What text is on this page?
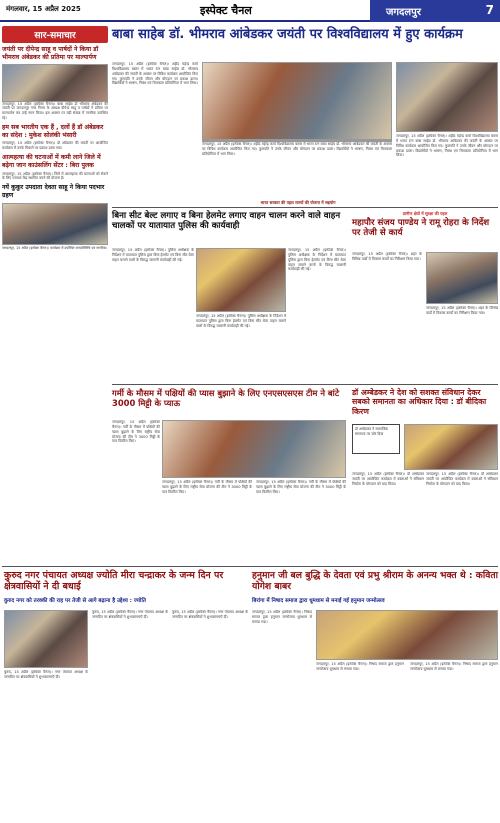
मंगलवार, 15 अप्रैल 2025	इस्पेक्ट चैनल	जगदलपुर	7
सार-समाचार
जयंती पर दीपेन्द्र साहू व पार्षदों ने किया डॉ भीमराव अंबेडकर की प्रतिमा पर माल्यार्पण
जगदलपुर, 15 अप्रैल (इस्पेक्ट चैनल)। बाबा साहेब डॉ भीमराव अंबेडकर की जयंती पर जगदलपुर नगर निगम के अध्यक्ष दीपेन्द्र साहू व पार्षदों ने प्रतिमा पर माल्यार्पण कर उन्हें नमन किया। इस अवसर पर बड़ी संख्या में नागरिक उपस्थित रहे।
हम सब भारतीय एक हैं , दलों हैं डॉ अंबेडकर का संदेश : मुकेश सोलंकी भंसारी
जगदलपुर, 15 अप्रैल (इस्पेक्ट चैनल)। डॉ अंबेडकर की जयंती पर आयोजित कार्यक्रम में उनके विचारों पर प्रकाश डाला गया।
आत्महत्या की घटनाओं में कमी लाने जिले में बढ़ेगा जान काउंसलिंग सेंटर : बिरा पुलक
जगदलपुर, 15 अप्रैल (इस्पेक्ट चैनल)। जिले में आत्महत्या की घटनाओं को रोकने के लिए परामर्श केंद्र स्थापित करने की योजना है।
नयें कुकुर उपदाता देवता साहू ने किया पदभार ग्रहण
जगदलपुर, 15 अप्रैल (इस्पेक्ट चैनल)। कार्यक्रम में उपस्थित जनप्रतिनिधि एवं नागरिक।
बाबा साहेब डॉ. भीमराव आंबेडकर जयंती पर विश्वविद्यालय में हुए कार्यक्रम
जगदलपुर, 15 अप्रैल (इस्पेक्ट चैनल)। शहीद महेन्द्र कर्मा विश्वविद्यालय बस्तर में भारत रत्न बाबा साहेब डॉ. भीमराव आंबेडकर की जयंती के अवसर पर विविध कार्यक्रम आयोजित किए गए। कुलपति ने उनके जीवन और योगदान पर प्रकाश डाला। विद्यार्थियों ने भाषण, निबंध एवं चित्रकला प्रतियोगिता में भाग लिया।
जगदलपुर, 15 अप्रैल (इस्पेक्ट चैनल)। शहीद महेन्द्र कर्मा विश्वविद्यालय बस्तर में भारत रत्न बाबा साहेब डॉ. भीमराव आंबेडकर की जयंती के अवसर पर विविध कार्यक्रम आयोजित किए गए। कुलपति ने उनके जीवन और योगदान पर प्रकाश डाला। विद्यार्थियों ने भाषण, निबंध एवं चित्रकला प्रतियोगिता में भाग लिया।
जगदलपुर, 15 अप्रैल (इस्पेक्ट चैनल)। शहीद महेन्द्र कर्मा विश्वविद्यालय बस्तर में भारत रत्न बाबा साहेब डॉ. भीमराव आंबेडकर की जयंती के अवसर पर विविध कार्यक्रम आयोजित किए गए। कुलपति ने उनके जीवन और योगदान पर प्रकाश डाला। विद्यार्थियों ने भाषण, निबंध एवं चित्रकला प्रतियोगिता में भाग लिया।
भारत सरकार की पहल राज्यों की योजना में सहयोग
बिना सीट बेल्ट लगाए व बिना हेलमेट लगाए वाहन चालन करने वाले वाहन चालकों पर यातायात पुलिस की कार्यवाही
जगदलपुर, 15 अप्रैल (इस्पेक्ट चैनल)। पुलिस अधीक्षक के निर्देशन में यातायात पुलिस द्वारा बिना हेलमेट एवं बिना सीट बेल्ट वाहन चलाने वालों के विरुद्ध चालानी कार्यवाही की गई।
जगदलपुर, 15 अप्रैल (इस्पेक्ट चैनल)। पुलिस अधीक्षक के निर्देशन में यातायात पुलिस द्वारा बिना हेलमेट एवं बिना सीट बेल्ट वाहन चलाने वालों के विरुद्ध चालानी कार्यवाही की गई।
जगदलपुर, 15 अप्रैल (इस्पेक्ट चैनल)। पुलिस अधीक्षक के निर्देशन में यातायात पुलिस द्वारा बिना हेलमेट एवं बिना सीट बेल्ट वाहन चलाने वालों के विरुद्ध चालानी कार्यवाही की गई।
ग्रामीण क्षेत्रों में सुरक्षा की पहल
महापौर संजय पाण्डेय ने रामू रोहरा के निर्देश पर तेजी से कार्य
जगदलपुर, 15 अप्रैल (इस्पेक्ट चैनल)। शहर के विभिन्न वार्डों में विकास कार्यों का निरीक्षण किया गया।
जगदलपुर, 15 अप्रैल (इस्पेक्ट चैनल)। शहर के विभिन्न वार्डों में विकास कार्यों का निरीक्षण किया गया।
गर्मी के मौसम में पक्षियों की प्यास बुझाने के लिए एनएसएसएस टीम ने बांटे 3000 मिट्टी के प्याऊ
जगदलपुर, 15 अप्रैल (इस्पेक्ट चैनल)। गर्मी के मौसम में पक्षियों की प्यास बुझाने के लिए राष्ट्रीय सेवा योजना की टीम ने 3000 मिट्टी के पात्र वितरित किए।
जगदलपुर, 15 अप्रैल (इस्पेक्ट चैनल)। गर्मी के मौसम में पक्षियों की प्यास बुझाने के लिए राष्ट्रीय सेवा योजना की टीम ने 3000 मिट्टी के पात्र वितरित किए।
जगदलपुर, 15 अप्रैल (इस्पेक्ट चैनल)। गर्मी के मौसम में पक्षियों की प्यास बुझाने के लिए राष्ट्रीय सेवा योजना की टीम ने 3000 मिट्टी के पात्र वितरित किए।
डॉ अम्बेडकर ने देश को सशक्त संविधान देकर सबको समानता का अधिकार दिया : डॉ बीदिका किरण
डॉ अम्बेडकर ने सामाजिक समानता पर जोर दिया
जगदलपुर, 15 अप्रैल (इस्पेक्ट चैनल)। डॉ अम्बेडकर जयंती पर आयोजित कार्यक्रम में वक्ताओं ने संविधान निर्माता के योगदान को याद किया।
जगदलपुर, 15 अप्रैल (इस्पेक्ट चैनल)। डॉ अम्बेडकर जयंती पर आयोजित कार्यक्रम में वक्ताओं ने संविधान निर्माता के योगदान को याद किया।
कुरुद नगर पंचायत अध्यक्ष ज्योति मीरा चन्द्राकर के जन्म दिन पर क्षेत्रवासियों ने दी बधाई
कुरुद नगर को तरक्की की राह पर तेजी से आगे बढ़ाना है उद्देश्य : ज्योति
कुरुद, 15 अप्रैल (इस्पेक्ट चैनल)। नगर पंचायत अध्यक्ष के जन्मदिन पर क्षेत्रवासियों ने शुभकामनाएँ दीं।
कुरुद, 15 अप्रैल (इस्पेक्ट चैनल)। नगर पंचायत अध्यक्ष के जन्मदिन पर क्षेत्रवासियों ने शुभकामनाएँ दीं।
कुरुद, 15 अप्रैल (इस्पेक्ट चैनल)। नगर पंचायत अध्यक्ष के जन्मदिन पर क्षेत्रवासियों ने शुभकामनाएँ दीं।
हनुमान जी बल बुद्धि के देवता एवं प्रभु श्रीराम के अनन्य भक्त थे : कविता योगेश बाबर
बिरांगा में निषाद समाज द्वारा धूमधाम से मनाई गई हनुमान जन्मोत्सव
जगदलपुर, 15 अप्रैल (इस्पेक्ट चैनल)। निषाद समाज द्वारा हनुमान जन्मोत्सव धूमधाम से मनाया गया।
जगदलपुर, 15 अप्रैल (इस्पेक्ट चैनल)। निषाद समाज द्वारा हनुमान जन्मोत्सव धूमधाम से मनाया गया।
जगदलपुर, 15 अप्रैल (इस्पेक्ट चैनल)। निषाद समाज द्वारा हनुमान जन्मोत्सव धूमधाम से मनाया गया।
